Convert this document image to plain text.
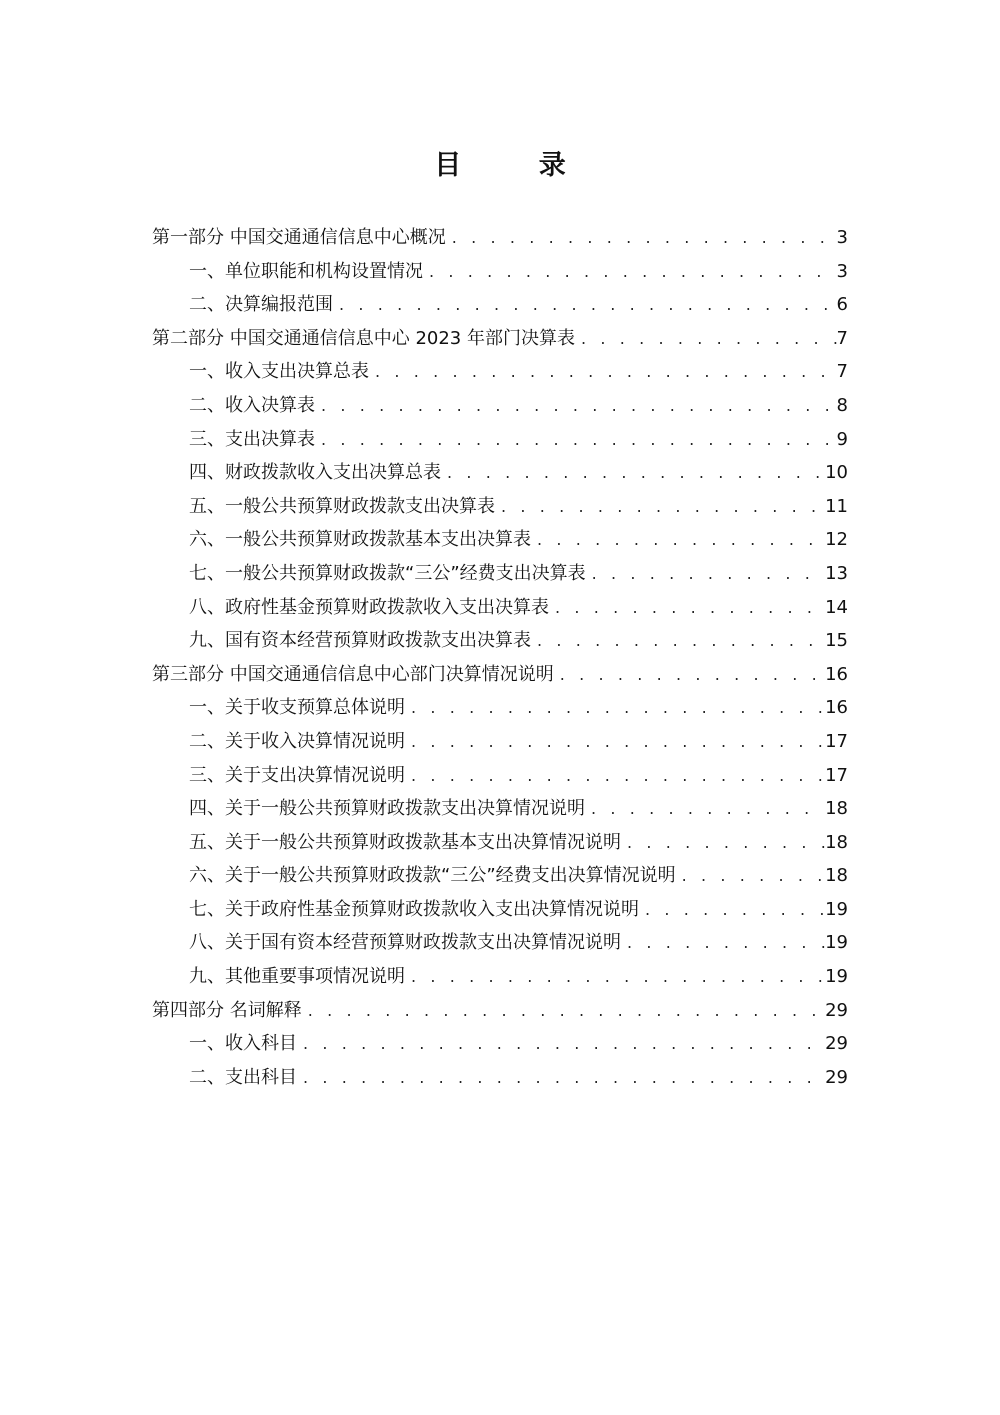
目 录
第一部分 中国交通通信信息中心概况 . . .	3
一、单位职能和机构设置情况 . . .	3
二、决算编报范围 . . .	6
第二部分 中国交通通信信息中心 2023 年部门决算表 . . .	7
一、收入支出决算总表 . . .	7
二、收入决算表 . . .	8
三、支出决算表 . . .	9
四、财政拨款收入支出决算总表 . . .	10
五、一般公共预算财政拨款支出决算表 . . .	11
六、一般公共预算财政拨款基本支出决算表 . . .	12
七、一般公共预算财政拨款“三公”经费支出决算表 . . .	13
八、政府性基金预算财政拨款收入支出决算表 . . .	14
九、国有资本经营预算财政拨款支出决算表 . . .	15
第三部分 中国交通通信信息中心部门决算情况说明 . . .	16
一、关于收支预算总体说明 . . .	16
二、关于收入决算情况说明 . . .	17
三、关于支出决算情况说明 . . .	17
四、关于一般公共预算财政拨款支出决算情况说明 . . .	18
五、关于一般公共预算财政拨款基本支出决算情况说明 . . .	18
六、关于一般公共预算财政拨款“三公”经费支出决算情况说明 . . .	18
七、关于政府性基金预算财政拨款收入支出决算情况说明 . . .	19
八、关于国有资本经营预算财政拨款支出决算情况说明 . . .	19
九、其他重要事项情况说明 . . .	19
第四部分 名词解释 . . .	29
一、收入科目 . . .	29
二、支出科目 . . .	29
